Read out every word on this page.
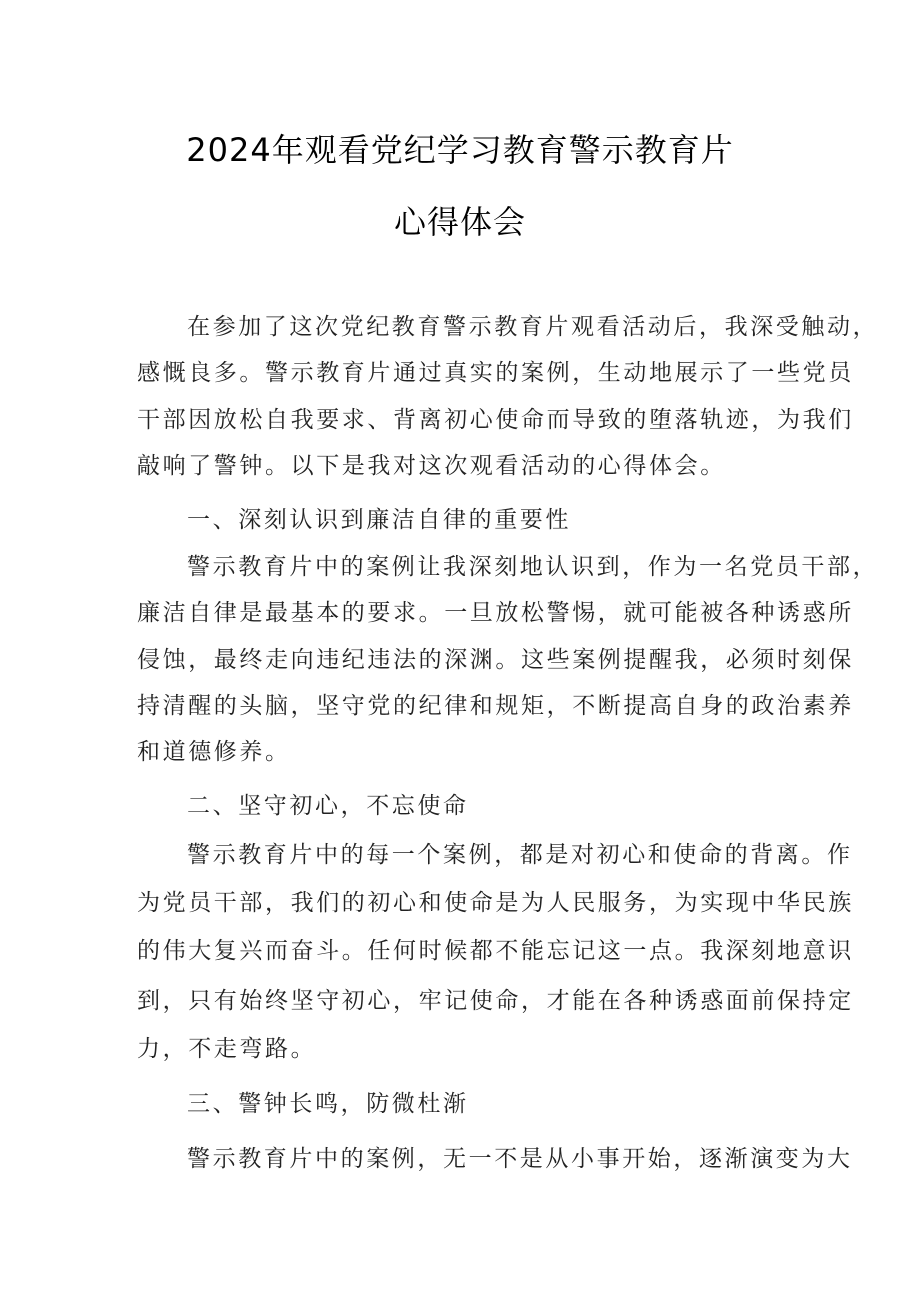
2024年观看党纪学习教育警示教育片
心得体会
在参加了这次党纪教育警示教育片观看活动后，我深受触动，
感慨良多。警示教育片通过真实的案例，生动地展示了一些党员
干部因放松自我要求、背离初心使命而导致的堕落轨迹，为我们
敲响了警钟。以下是我对这次观看活动的心得体会。
一、深刻认识到廉洁自律的重要性
警示教育片中的案例让我深刻地认识到，作为一名党员干部，
廉洁自律是最基本的要求。一旦放松警惕，就可能被各种诱惑所
侵蚀，最终走向违纪违法的深渊。这些案例提醒我，必须时刻保
持清醒的头脑，坚守党的纪律和规矩，不断提高自身的政治素养
和道德修养。
二、坚守初心，不忘使命
警示教育片中的每一个案例，都是对初心和使命的背离。作
为党员干部，我们的初心和使命是为人民服务，为实现中华民族
的伟大复兴而奋斗。任何时候都不能忘记这一点。我深刻地意识
到，只有始终坚守初心，牢记使命，才能在各种诱惑面前保持定
力，不走弯路。
三、警钟长鸣，防微杜渐
警示教育片中的案例，无一不是从小事开始，逐渐演变为大
